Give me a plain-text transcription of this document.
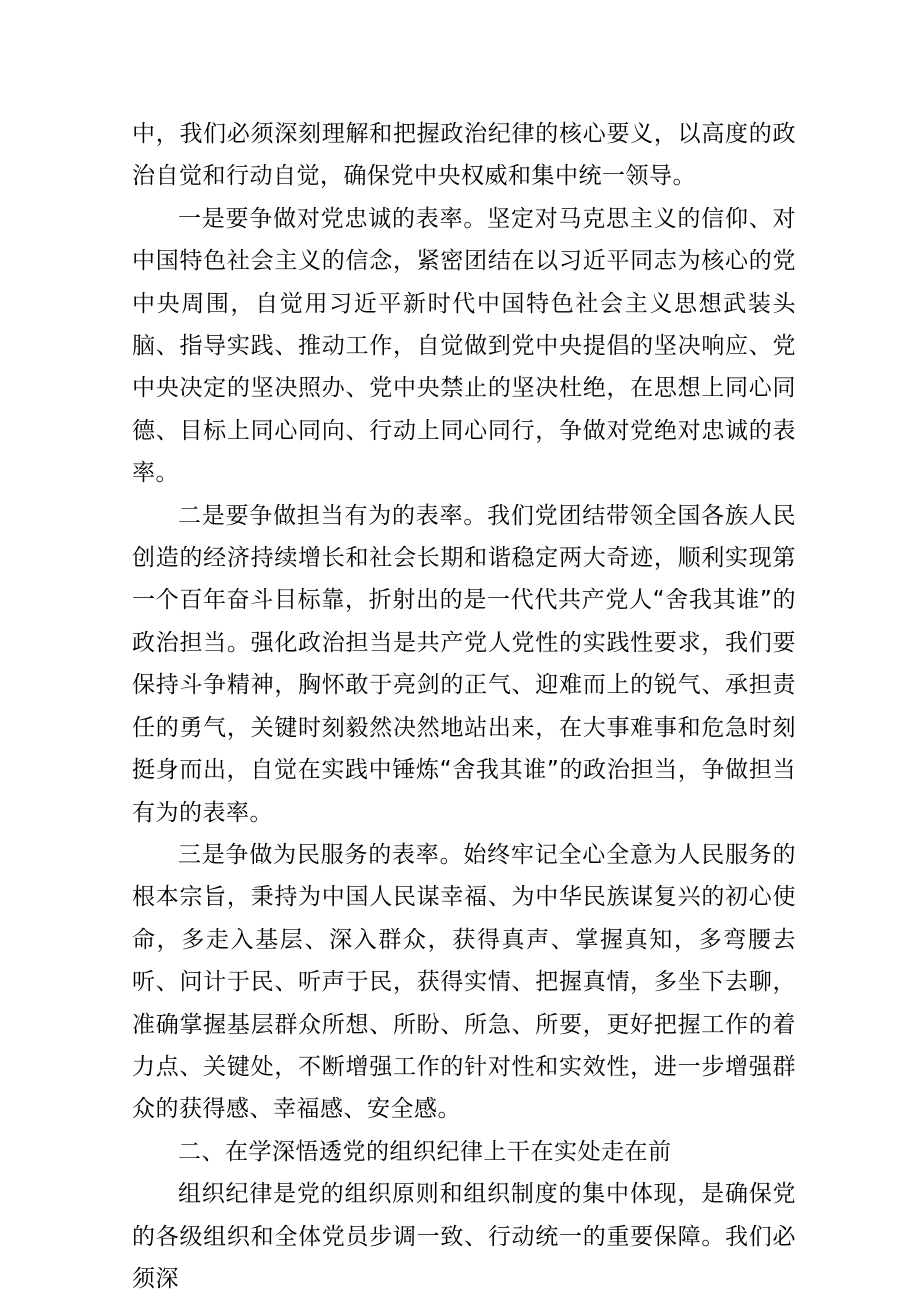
中，我们必须深刻理解和把握政治纪律的核心要义，以高度的政治自觉和行动自觉，确保党中央权威和集中统一领导。

一是要争做对党忠诚的表率。坚定对马克思主义的信仰、对中国特色社会主义的信念，紧密团结在以习近平同志为核心的党中央周围，自觉用习近平新时代中国特色社会主义思想武装头脑、指导实践、推动工作，自觉做到党中央提倡的坚决响应、党中央决定的坚决照办、党中央禁止的坚决杜绝，在思想上同心同德、目标上同心同向、行动上同心同行，争做对党绝对忠诚的表率。

二是要争做担当有为的表率。我们党团结带领全国各族人民创造的经济持续增长和社会长期和谐稳定两大奇迹，顺利实现第一个百年奋斗目标靠，折射出的是一代代共产党人“舍我其谁”的政治担当。强化政治担当是共产党人党性的实践性要求，我们要保持斗争精神，胸怀敢于亮剑的正气、迎难而上的锐气、承担责任的勇气，关键时刻毅然决然地站出来，在大事难事和危急时刻挺身而出，自觉在实践中锤炼“舍我其谁”的政治担当，争做担当有为的表率。

三是争做为民服务的表率。始终牢记全心全意为人民服务的根本宗旨，秉持为中国人民谋幸福、为中华民族谋复兴的初心使命，多走入基层、深入群众，获得真声、掌握真知，多弯腰去听、问计于民、听声于民，获得实情、把握真情，多坐下去聊，准确掌握基层群众所想、所盼、所急、所要，更好把握工作的着力点、关键处，不断增强工作的针对性和实效性，进一步增强群众的获得感、幸福感、安全感。

二、在学深悟透党的组织纪律上干在实处走在前

组织纪律是党的组织原则和组织制度的集中体现，是确保党的各级组织和全体党员步调一致、行动统一的重要保障。我们必须深
